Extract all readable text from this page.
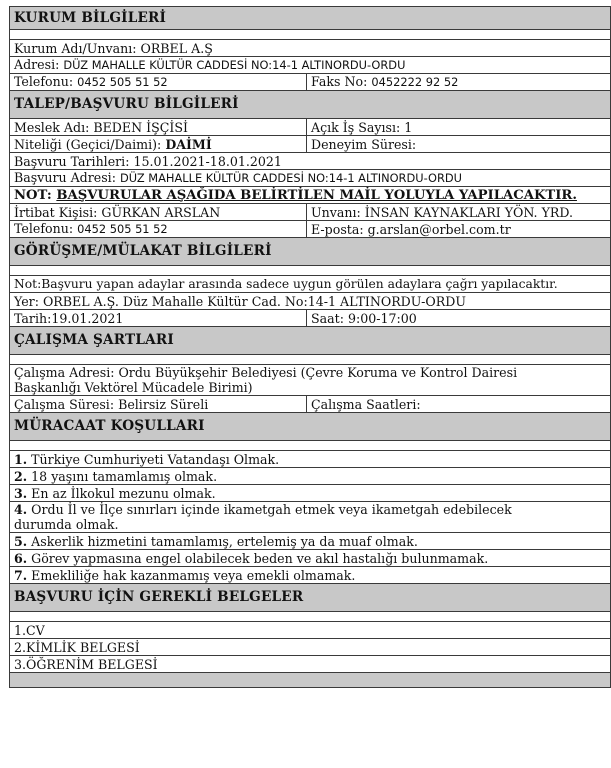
KURUM BİLGİLERİ	

Kurum Adı/Unvanı: ORBEL A.Ş	
Adresi: DÜZ MAHALLE KÜLTÜR CADDESİ NO:14-1 ALTINORDU-ORDU	
Telefonu: 0452 505 51 52	Faks No: 0452222 92 52
TALEP/BAŞVURU BİLGİLERİ	
Meslek Adı: BEDEN İŞÇİSİ	Açık İş Sayısı: 1
Niteliği (Geçici/Daimi): DAİMİ	Deneyim Süresi:
Başvuru Tarihleri: 15.01.2021-18.01.2021	
Başvuru Adresi: DÜZ MAHALLE KÜLTÜR CADDESİ NO:14-1 ALTINORDU-ORDU	
NOT: BAŞVURULAR AŞAĞIDA BELİRTİLEN MAİL YOLUYLA YAPILACAKTIR.	
İrtibat Kişisi: GÜRKAN ARSLAN	Unvanı: İNSAN KAYNAKLARI YÖN. YRD.
Telefonu: 0452 505 51 52	E-posta: g.arslan@orbel.com.tr
GÖRÜŞME/MÜLAKAT BİLGİLERİ	

Not:Başvuru yapan adaylar arasında sadece uygun görülen adaylara çağrı yapılacaktır.	
Yer: ORBEL A.Ş. Düz Mahalle Kültür Cad. No:14-1 ALTINORDU-ORDU	
Tarih:19.01.2021	Saat: 9:00-17:00
ÇALIŞMA ŞARTLARI	

Çalışma Adresi: Ordu Büyükşehir Belediyesi (Çevre Koruma ve Kontrol Dairesi Başkanlığı Vektörel Mücadele Birimi)	
Çalışma Süresi: Belirsiz Süreli	Çalışma Saatleri:
MÜRACAAT KOŞULLARI	

1. Türkiye Cumhuriyeti Vatandaşı Olmak.	
2. 18 yaşını tamamlamış olmak.	
3. En az İlkokul mezunu olmak.	
4. Ordu İl ve İlçe sınırları içinde ikametgah etmek veya ikametgah edebilecek durumda olmak.	
5. Askerlik hizmetini tamamlamış, ertelemiş ya da muaf olmak.	
6. Görev yapmasına engel olabilecek beden ve akıl hastalığı bulunmamak.	
7. Emekliliğe hak kazanmamış veya emekli olmamak.	
BAŞVURU İÇİN GEREKLİ BELGELER	

1.CV	
2.KİMLİK BELGESİ	
3.ÖĞRENİM BELGESİ	
